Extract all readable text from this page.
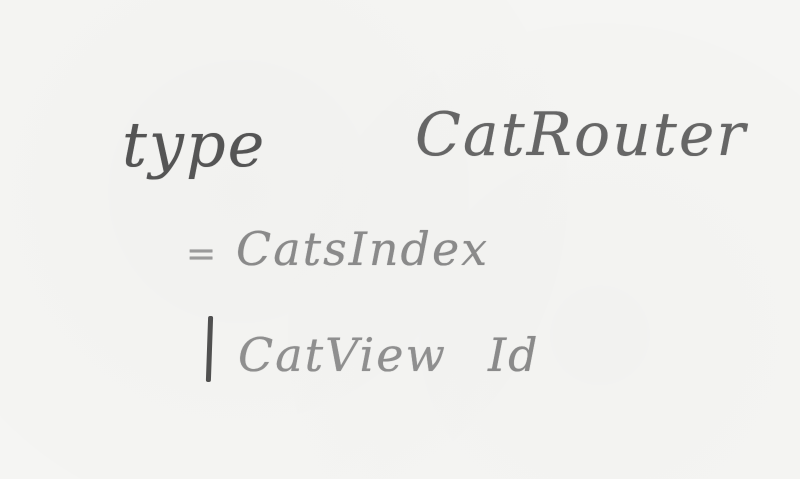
type CatRouter
= CatsIndex
CatView Id
